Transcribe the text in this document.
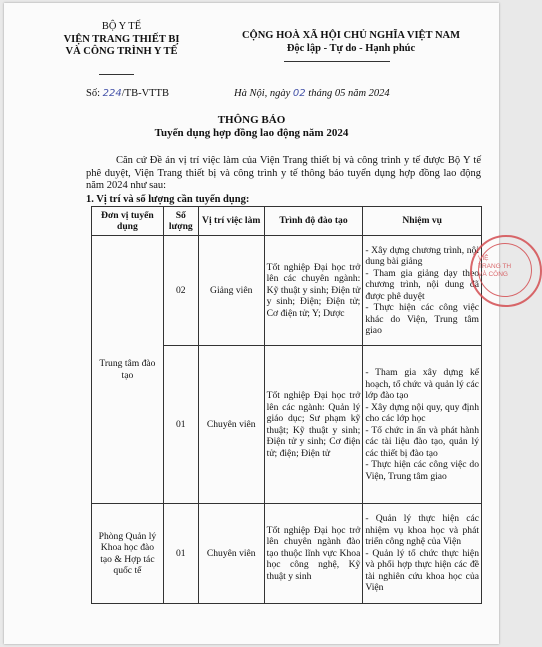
BỘ Y TẾ
VIỆN TRANG THIẾT BỊ
VÀ CÔNG TRÌNH Y TẾ
CỘNG HOÀ XÃ HỘI CHỦ NGHĨA VIỆT NAM
Độc lập - Tự do - Hạnh phúc
Số: 224/TB-VTTB	Hà Nội, ngày 02 tháng 05 năm 2024
THÔNG BÁO
Tuyển dụng hợp đồng lao động năm 2024
Căn cứ Đề án vị trí việc làm của Viện Trang thiết bị và công trình y tế được Bộ Y tế phê duyệt, Viện Trang thiết bị và công trình y tế thông báo tuyển dụng hợp đồng lao động năm 2024 như sau:
1. Vị trí và số lượng cần tuyển dụng:
Đơn vị tuyển dụng	Số lượng	Vị trí việc làm	Trình độ đào tạo	Nhiệm vụ
Trung tâm đào tạo	02	Giảng viên	Tốt nghiệp Đại học trở lên các chuyên ngành: Kỹ thuật y sinh; Điện tử y sinh; Điện; Điện tử; Cơ điện tử; Y; Dược	- Xây dựng chương trình, nội dung bài giảng
- Tham gia giảng dạy theo chương trình, nội dung đã được phê duyệt
- Thực hiện các công việc khác do Viện, Trung tâm giao

	01	Chuyên viên	Tốt nghiệp Đại học trở lên các ngành: Quản lý giáo dục; Sư phạm kỹ thuật; Kỹ thuật y sinh; Điện tử y sinh; Cơ điện tử; điện; Điện tử	- Tham gia xây dựng kế hoạch, tổ chức và quản lý các lớp đào tạo
- Xây dựng nội quy, quy định cho các lớp học
- Tổ chức in ấn và phát hành các tài liệu đào tạo, quản lý các thiết bị đào tạo
- Thực hiện các công việc do Viện, Trung tâm giao

Phòng Quản lý Khoa học đào tạo & Hợp tác quốc tế	01	Chuyên viên	Tốt nghiệp Đại học trở lên chuyên ngành đào tạo thuộc lĩnh vực Khoa học công nghệ, Kỹ thuật y sinh	- Quản lý thực hiện các nhiệm vụ khoa học và phát triển công nghệ của Viện
- Quản lý tổ chức thực hiện và phối hợp thực hiện các đề tài nghiên cứu khoa học của Viện
VIỆ
TRANG TH
VÀ CÔNG
